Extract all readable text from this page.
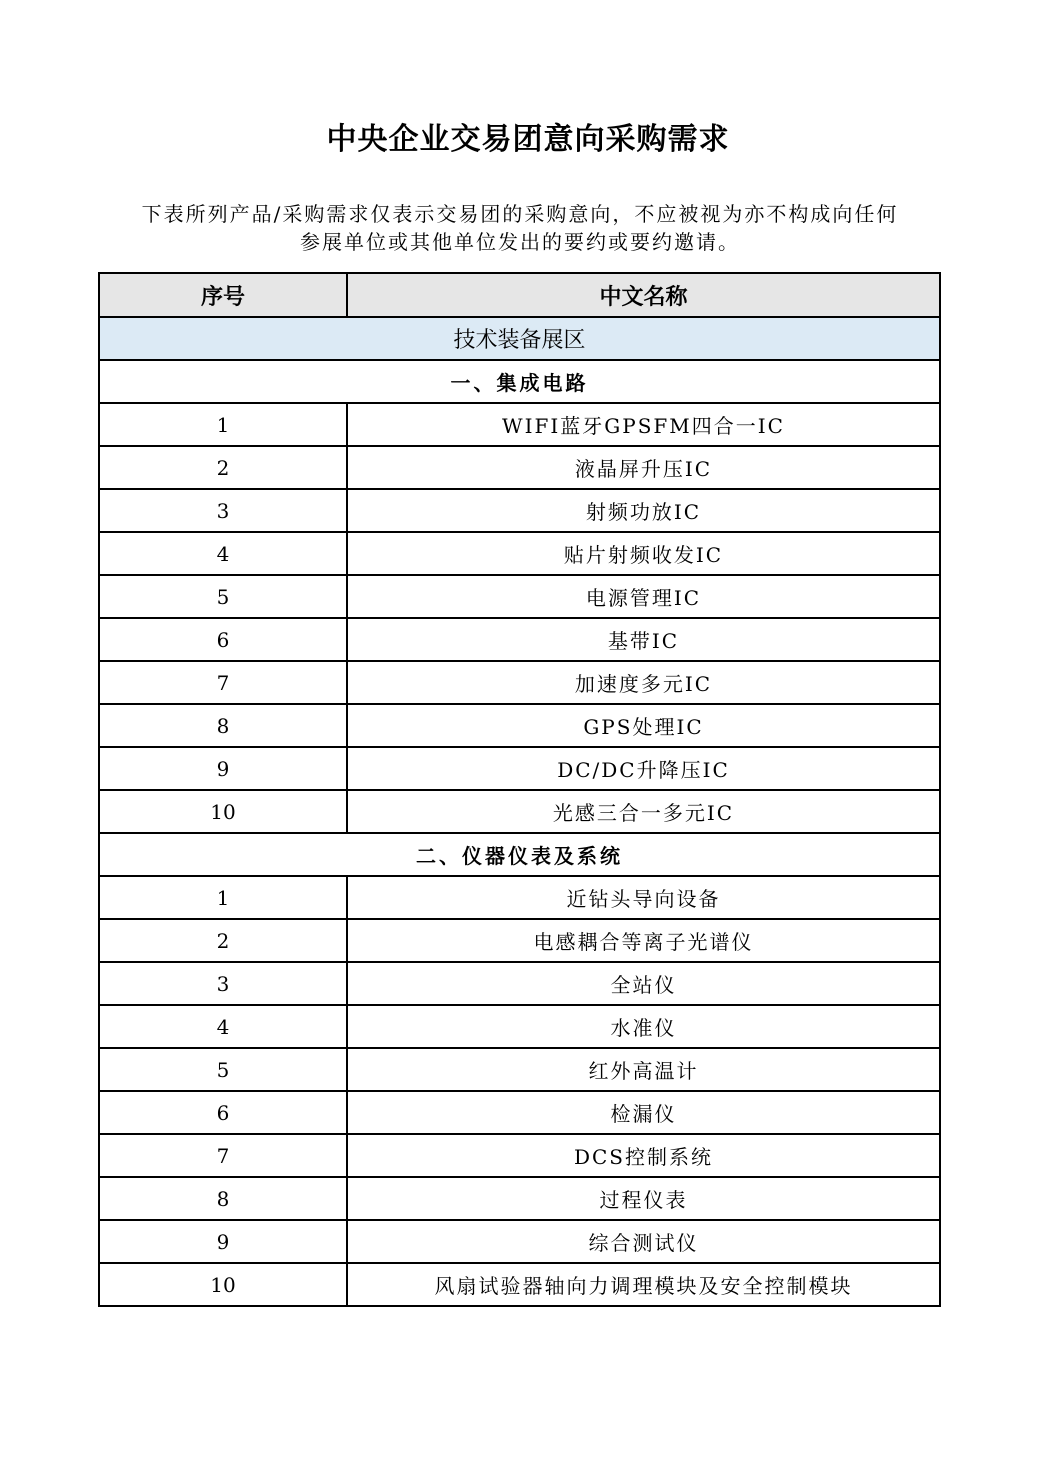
中央企业交易团意向采购需求

下表所列产品/采购需求仅表示交易团的采购意向，不应被视为亦不构成向任何

参展单位或其他单位发出的要约或要约邀请。

序号	中文名称
技术装备展区	
一、集成电路	
1	WIFI蓝牙GPSFM四合一IC
2	液晶屏升压IC
3	射频功放IC
4	贴片射频收发IC
5	电源管理IC
6	基带IC
7	加速度多元IC
8	GPS处理IC
9	DC/DC升降压IC
10	光感三合一多元IC
二、仪器仪表及系统	
1	近钻头导向设备
2	电感耦合等离子光谱仪
3	全站仪
4	水准仪
5	红外高温计
6	检漏仪
7	DCS控制系统
8	过程仪表
9	综合测试仪
10	风扇试验器轴向力调理模块及安全控制模块
